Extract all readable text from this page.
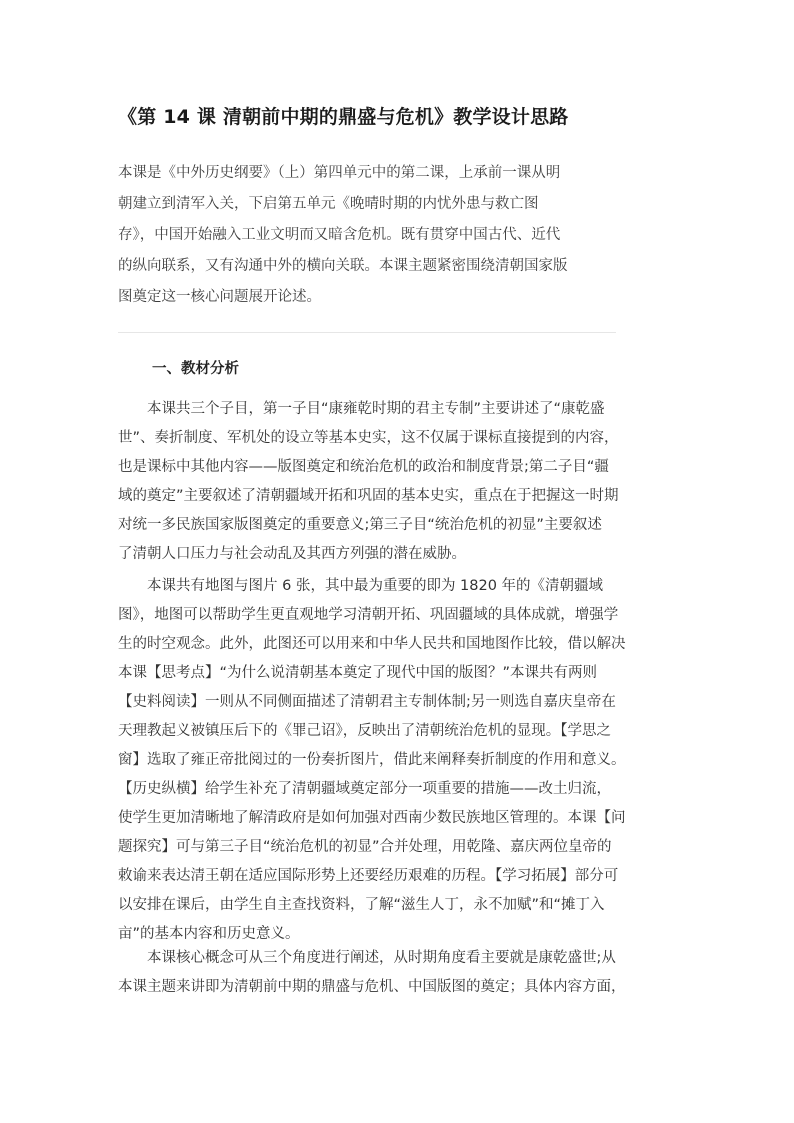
《第 14 课 清朝前中期的鼎盛与危机》教学设计思路

本课是《中外历史纲要》（上）第四单元中的第二课，上承前一课从明
朝建立到清军入关，下启第五单元《晚晴时期的内忧外患与救亡图
存》，中国开始融入工业文明而又暗含危机。既有贯穿中国古代、近代
的纵向联系，又有沟通中外的横向关联。本课主题紧密围绕清朝国家版
图奠定这一核心问题展开论述。

一、教材分析

　　本课共三个子目，第一子目“康雍乾时期的君主专制”主要讲述了“康乾盛
世”、奏折制度、军机处的设立等基本史实，这不仅属于课标直接提到的内容，
也是课标中其他内容——版图奠定和统治危机的政治和制度背景;第二子目“疆
域的奠定”主要叙述了清朝疆域开拓和巩固的基本史实，重点在于把握这一时期
对统一多民族国家版图奠定的重要意义;第三子目“统治危机的初显”主要叙述
了清朝人口压力与社会动乱及其西方列强的潜在威胁。

　　本课共有地图与图片 6 张，其中最为重要的即为 1820 年的《清朝疆域
图》，地图可以帮助学生更直观地学习清朝开拓、巩固疆域的具体成就，增强学
生的时空观念。此外，此图还可以用来和中华人民共和国地图作比较，借以解决
本课【思考点】“为什么说清朝基本奠定了现代中国的版图？”本课共有两则
【史料阅读】一则从不同侧面描述了清朝君主专制体制;另一则选自嘉庆皇帝在
天理教起义被镇压后下的《罪己诏》，反映出了清朝统治危机的显现。【学思之
窗】选取了雍正帝批阅过的一份奏折图片，借此来阐释奏折制度的作用和意义。
【历史纵横】给学生补充了清朝疆域奠定部分一项重要的措施——改土归流，
使学生更加清晰地了解清政府是如何加强对西南少数民族地区管理的。本课【问
题探究】可与第三子目“统治危机的初显”合并处理，用乾隆、嘉庆两位皇帝的
敕谕来表达清王朝在适应国际形势上还要经历艰难的历程。【学习拓展】部分可
以安排在课后，由学生自主查找资料，了解“滋生人丁，永不加赋”和“摊丁入
亩”的基本内容和历史意义。

　　本课核心概念可从三个角度进行阐述，从时期角度看主要就是康乾盛世;从
本课主题来讲即为清朝前中期的鼎盛与危机、中国版图的奠定；具体内容方面，
